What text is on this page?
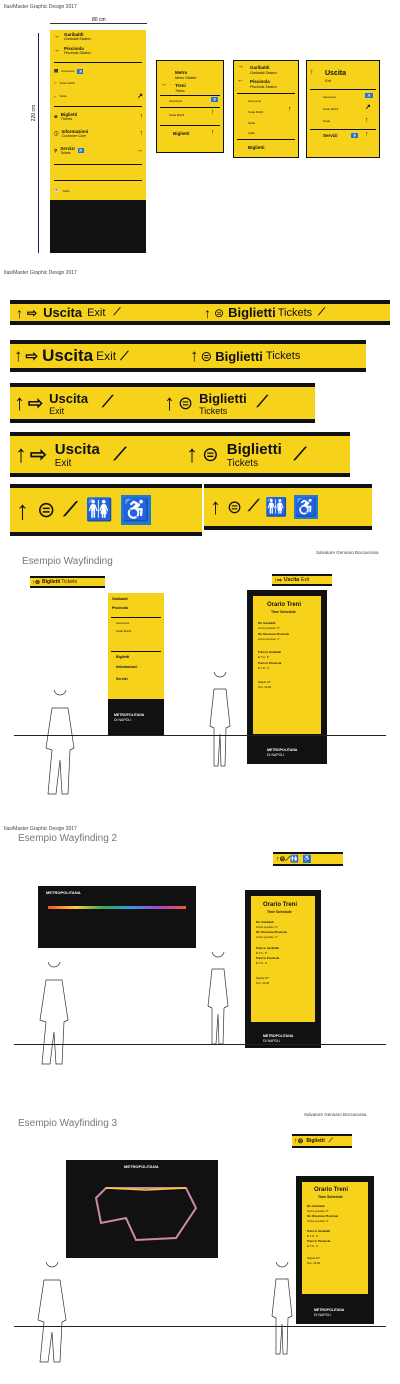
Ilas/Master Graphic Design 2017
80 cm
220 cm
← Garibaldi
Garibaldi Station
← Piscinola
Piscinola Station
▤ Ascensore ♿
⌐ Scale Mobili
⌐ Scale	↗
⊜ Biglietti
Tickets	↑
ⓘ Informazioni
Customer Care	↑
⚲ Servizi
Toilets	♿	→
☕ Caffè
Metro
Metro Station
← Treni
Trains
Ascensore	♿
Scale Mobili	↑
Biglietti	↑
→ Garibaldi
Garibaldi Station
← Piscinola
Piscinola Station
Ascensore
Scale Mobili	↑
Scale
Caffè
Biglietti
↑ Uscita
Exit
Ascensore	♿
Scale Mobili	↗
Scale	↑
Servizi	♿ ↑
Ilas/Master Graphic Design 2017
↑ ⇨ Uscita Exit ⟋	↑ ⊜ Biglietti Tickets ⟋
↑ ⇨ Uscita Exit ⟋	↑ ⊜ Biglietti Tickets
↑ ⇨ Uscita
Exit	⟋ ↑ ⊜ Biglietti
Tickets	⟋
↑ ⇨ Uscita
Exit	⟋ ↑ ⊜ Biglietti
Tickets	⟋
↑ ⊜ ⟋ 🚻 ♿	↑ ⊜ ⟋ 🚻 ♿
Esempio Wayfinding
Salvatore Gennaro Boccarossa
↑⊜ Biglietti Tickets	↑⇨ Uscita Exit
Garibaldi
Piscinola
Ascensore
Scale Mobili
Biglietti
Informazioni
Servizi
METROPOLITANA
DI NAPOLI
Orario Treni
Time Schedule
Dir. Garibaldi
Arrivo previsto: 5'
Dir. Direzione Piscinola
Arrivo previsto: 3'
Train to Garibaldi
E.T.A.: 5'
Train to Piscinola
E.T.A.: 3'
Napoli 24°
Ore: 10.00
METROPOLITANA
DI NAPOLI
Ilas/Master Graphic Design 2017
Esempio Wayfinding 2
↑⊜⟋🚻 ♿
METROPOLITANA
Orario Treni
Time Schedule
Dir. Garibaldi
Arrivo previsto: 5'
Dir. Direzione Piscinola
Arrivo previsto: 3'
Train to Garibaldi
E.T.A.: 5'
Train to Piscinola
E.T.A.: 3'
Napoli 24°
Ore: 10.00
METROPOLITANA
DI NAPOLI
Esempio Wayfinding 3
Salvatore Gennaro Boccarossa
↑⊜ Biglietti ⟋
METROPOLITANA
Orario Treni
Time Schedule
Dir. Garibaldi
Arrivo previsto: 5'
Dir. Direzione Piscinola
Arrivo previsto: 3'
Train to Garibaldi
E.T.A.: 5'
Train to Piscinola
E.T.A.: 3'
Napoli 24°
Ore: 10.00
METROPOLITANA
DI NAPOLI
